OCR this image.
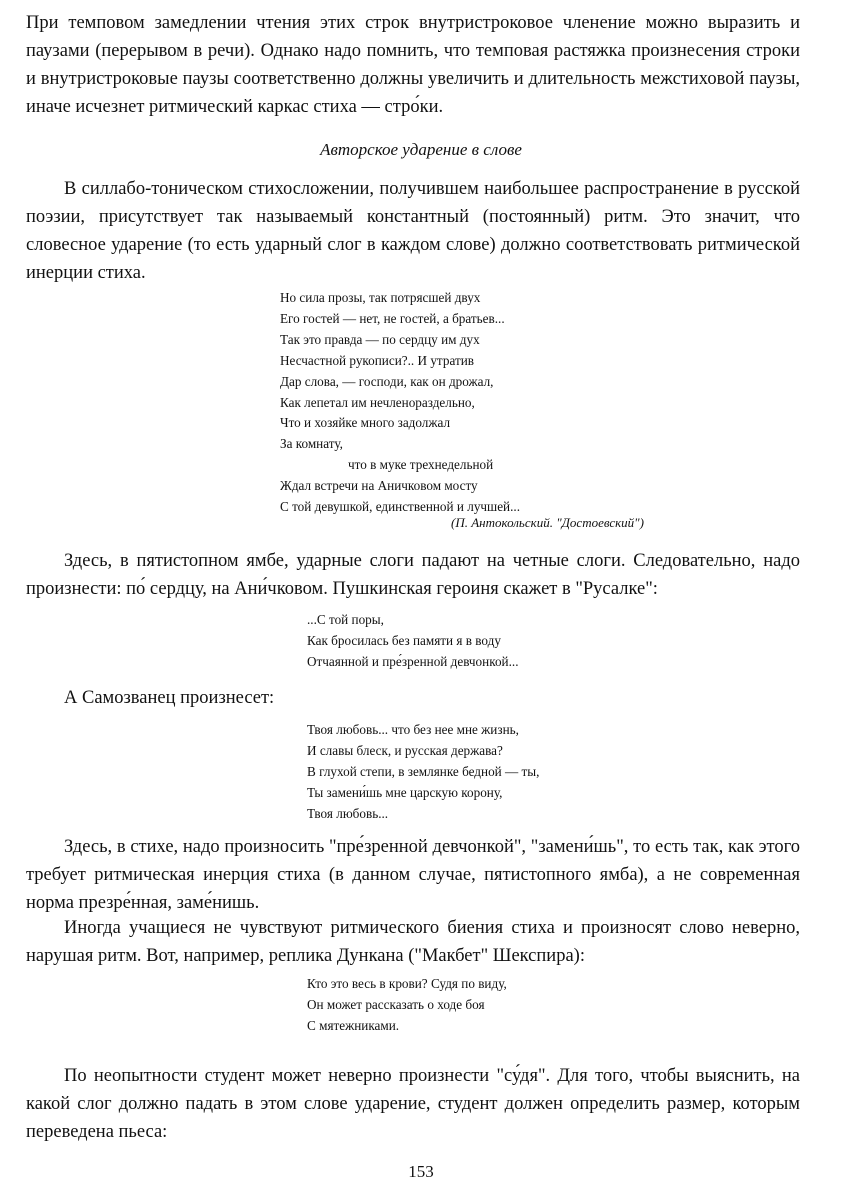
При темповом замедлении чтения этих строк внутристроковое членение можно выразить и паузами (перерывом в речи). Однако надо помнить, что темповая растяжка произнесения строки и внутристроковые паузы соответственно должны увеличить и длительность межстиховой паузы, иначе исчезнет ритмический каркас стиха — стро́ки.

Авторское ударение в слове

В силлабо-тоническом стихосложении, получившем наибольшее распространение в русской поэзии, присутствует так называемый константный (постоянный) ритм. Это значит, что словесное ударение (то есть ударный слог в каждом слове) должно соответствовать ритмической инерции стиха.

Но сила прозы, так потрясшей двух
Его гостей — нет, не гостей, а братьев...
Так это правда — по сердцу им дух
Несчастной рукописи?.. И утратив
Дар слова, — господи, как он дрожал,
Как лепетал им нечленораздельно,
Что и хозяйке много задолжал
За комнату,
что в муке трехнедельной
Ждал встречи на Аничковом мосту
С той девушкой, единственной и лучшей...

(П. Антокольский. "Достоевский")

Здесь, в пятистопном ямбе, ударные слоги падают на четные слоги. Следовательно, надо произнести: по́ сердцу, на Ани́чковом. Пушкинская героиня скажет в "Русалке":

...С той поры,
Как бросилась без памяти я в воду
Отчаянной и пре́зренной девчонкой...

А Самозванец произнесет:

Твоя любовь... что без нее мне жизнь,
И славы блеск, и русская держава?
В глухой степи, в землянке бедной — ты,
Ты замени́шь мне царскую корону,
Твоя любовь...

Здесь, в стихе, надо произносить "пре́зренной девчонкой", "замени́шь", то есть так, как этого требует ритмическая инерция стиха (в данном случае, пятистопного ямба), а не современная норма презре́нная, заме́нишь.

Иногда учащиеся не чувствуют ритмического биения стиха и произносят слово неверно, нарушая ритм. Вот, например, реплика Дункана ("Макбет" Шекспира):

Кто это весь в крови? Судя по виду,
Он может рассказать о ходе боя
С мятежниками.

По неопытности студент может неверно произнести "су́дя". Для того, чтобы выяснить, на какой слог должно падать в этом слове ударение, студент должен определить размер, которым переведена пьеса:

153
